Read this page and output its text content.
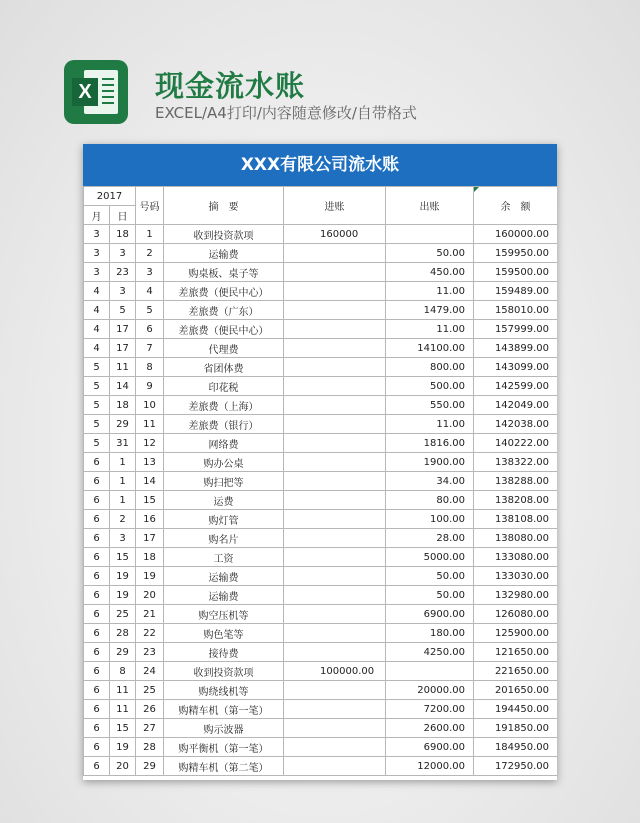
X 现金流水账
EXCEL/A4打印/内容随意修改/自带格式
XXX有限公司流水账
2017		号码	摘　要	进账	出账	余　额
月	日					
3	18	1	收到投资款项	160000		160000.00
3	3	2	运输费		50.00	159950.00
3	23	3	购桌板、桌子等		450.00	159500.00
4	3	4	差旅费（便民中心）		11.00	159489.00
4	5	5	差旅费（广东）		1479.00	158010.00
4	17	6	差旅费（便民中心）		11.00	157999.00
4	17	7	代理费		14100.00	143899.00
5	11	8	省团体费		800.00	143099.00
5	14	9	印花税		500.00	142599.00
5	18	10	差旅费（上海）		550.00	142049.00
5	29	11	差旅费（银行）		11.00	142038.00
5	31	12	网络费		1816.00	140222.00
6	1	13	购办公桌		1900.00	138322.00
6	1	14	购扫把等		34.00	138288.00
6	1	15	运费		80.00	138208.00
6	2	16	购灯管		100.00	138108.00
6	3	17	购名片		28.00	138080.00
6	15	18	工资		5000.00	133080.00
6	19	19	运输费		50.00	133030.00
6	19	20	运输费		50.00	132980.00
6	25	21	购空压机等		6900.00	126080.00
6	28	22	购色笔等		180.00	125900.00
6	29	23	接待费		4250.00	121650.00
6	8	24	收到投资款项	100000.00		221650.00
6	11	25	购绕线机等		20000.00	201650.00
6	11	26	购精车机（第一笔）		7200.00	194450.00
6	15	27	购示波器		2600.00	191850.00
6	19	28	购平衡机（第一笔）		6900.00	184950.00
6	20	29	购精车机（第二笔）		12000.00	172950.00
